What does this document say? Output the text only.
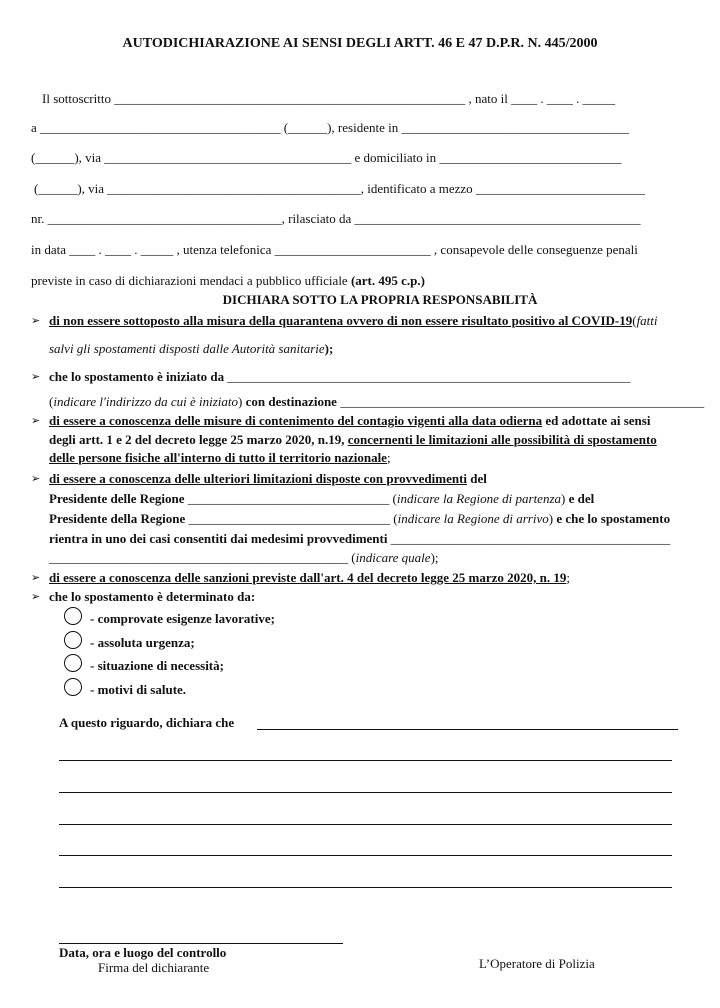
AUTODICHIARAZIONE AI SENSI DEGLI ARTT. 46 E 47 D.P.R. N. 445/2000
Il sottoscritto ______________________________________________________ , nato il ____ . ____ . _____
a _____________________________________ (______), residente in ___________________________________
(______), via ______________________________________ e domiciliato in ____________________________
(______), via _______________________________________, identificato a mezzo __________________________
nr. ____________________________________, rilasciato da ____________________________________________
in data ____ . ____ . _____ , utenza telefonica ________________________ , consapevole delle conseguenze penali
previste in caso di dichiarazioni mendaci a pubblico ufficiale (art. 495 c.p.)
DICHIARA SOTTO LA PROPRIA RESPONSABILITÀ
➢ di non essere sottoposto alla misura della quarantena ovvero di non essere risultato positivo al COVID-19(fatti
salvi gli spostamenti disposti dalle Autorità sanitarie);
➢ che lo spostamento è iniziato da ______________________________________________________________
(indicare l'indirizzo da cui è iniziato) con destinazione ________________________________________________________
➢ di essere a conoscenza delle misure di contenimento del contagio vigenti alla data odierna ed adottate ai sensi
degli artt. 1 e 2 del decreto legge 25 marzo 2020, n.19, concernenti le limitazioni alle possibilità di spostamento
delle persone fisiche all'interno di tutto il territorio nazionale;
➢ di essere a conoscenza delle ulteriori limitazioni disposte con provvedimenti del
Presidente delle Regione _______________________________ (indicare la Regione di partenza) e del
Presidente della Regione _______________________________ (indicare la Regione di arrivo) e che lo spostamento
rientra in uno dei casi consentiti dai medesimi provvedimenti ___________________________________________
______________________________________________ (indicare quale);
➢ di essere a conoscenza delle sanzioni previste dall'art. 4 del decreto legge 25 marzo 2020, n. 19;
➢ che lo spostamento è determinato da:
- comprovate esigenze lavorative;
- assoluta urgenza;
- situazione di necessità;
- motivi di salute.
A questo riguardo, dichiara che
Data, ora e luogo del controllo
Firma del dichiarante	L’Operatore di Polizia
